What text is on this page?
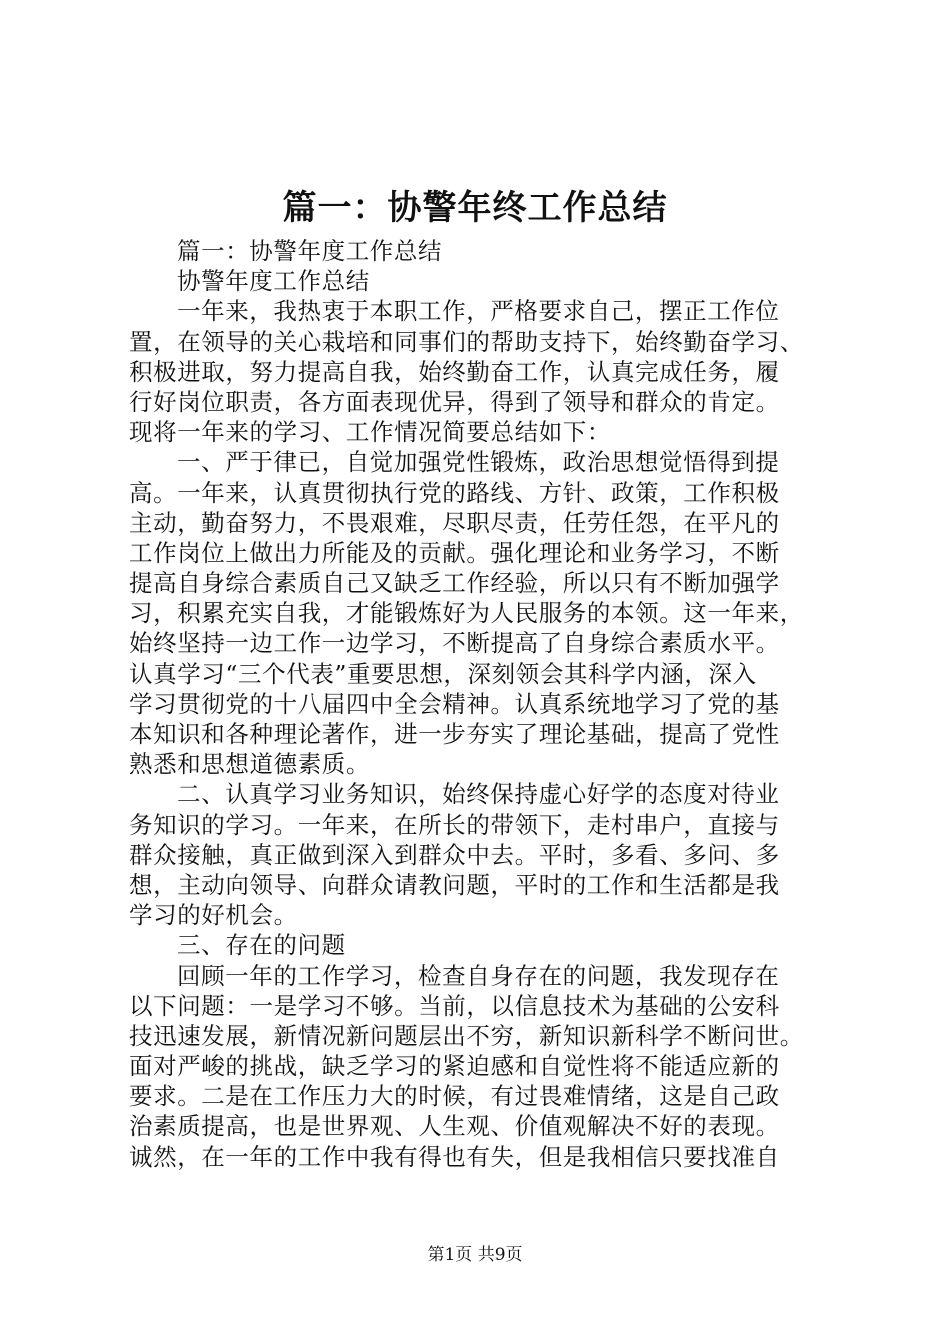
篇一：协警年终工作总结
篇一：协警年度工作总结
协警年度工作总结
一年来，我热衷于本职工作，严格要求自己，摆正工作位
置，在领导的关心栽培和同事们的帮助支持下，始终勤奋学习、
积极进取，努力提高自我，始终勤奋工作，认真完成任务，履
行好岗位职责，各方面表现优异，得到了领导和群众的肯定。
现将一年来的学习、工作情况简要总结如下：
一、严于律已，自觉加强党性锻炼，政治思想觉悟得到提
高。一年来，认真贯彻执行党的路线、方针、政策，工作积极
主动，勤奋努力，不畏艰难，尽职尽责，任劳任怨，在平凡的
工作岗位上做出力所能及的贡献。强化理论和业务学习，不断
提高自身综合素质自己又缺乏工作经验，所以只有不断加强学
习，积累充实自我，才能锻炼好为人民服务的本领。这一年来，
始终坚持一边工作一边学习，不断提高了自身综合素质水平。
认真学习“三个代表”重要思想，深刻领会其科学内涵，深入
学习贯彻党的十八届四中全会精神。认真系统地学习了党的基
本知识和各种理论著作，进一步夯实了理论基础，提高了党性
熟悉和思想道德素质。
二、认真学习业务知识，始终保持虚心好学的态度对待业
务知识的学习。一年来，在所长的带领下，走村串户，直接与
群众接触，真正做到深入到群众中去。平时，多看、多问、多
想，主动向领导、向群众请教问题，平时的工作和生活都是我
学习的好机会。
三、存在的问题
回顾一年的工作学习，检查自身存在的问题，我发现存在
以下问题：一是学习不够。当前，以信息技术为基础的公安科
技迅速发展，新情况新问题层出不穷，新知识新科学不断问世。
面对严峻的挑战，缺乏学习的紧迫感和自觉性将不能适应新的
要求。二是在工作压力大的时候，有过畏难情绪，这是自己政
治素质提高，也是世界观、人生观、价值观解决不好的表现。
诚然，在一年的工作中我有得也有失，但是我相信只要找准自
第1页 共9页
